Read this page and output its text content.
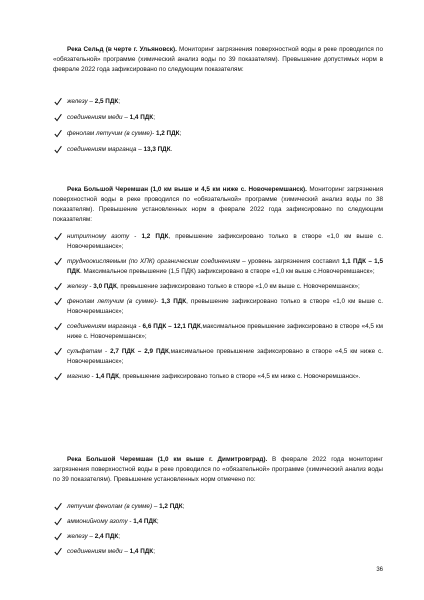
Река Сельд (в черте г. Ульяновск). Мониторинг загрязнения поверхностной воды в реке проводился по «обязательной» программе (химический анализ воды по 39 показателям). Превышение допустимых норм в феврале 2022 года зафиксировано по следующим показателям:

железу – 2,5 ПДК;
соединениям меди – 1,4 ПДК;
фенолам летучим (в сумме)- 1,2 ПДК;
соединениям марганца – 13,3 ПДК.

Река Большой Черемшан (1,0 км выше и 4,5 км ниже с. Новочеремшанск). Мониторинг загрязнения поверхностной воды в реке проводился по «обязательной» программе (химический анализ воды по 38 показателям). Превышение установленных норм в феврале 2022 года зафиксировано по следующим показателям:

нитритному азоту - 1,2 ПДК, превышение зафиксировано только в створе «1,0 км выше с. Новочеремшанск»;
трудноокисляемым (по ХПК) органическим соединениям – уровень загрязнения составил 1,1 ПДК – 1,5 ПДК. Максимальное превышение (1,5 ПДК) зафиксировано в створе «1,0 км выше с.Новочеремшанск»;
железу - 3,0 ПДК, превышение зафиксировано только в створе «1,0 км выше с. Новочеремшанск»;
фенолам летучим (в сумме)- 1,3 ПДК, превышение зафиксировано только в створе «1,0 км выше с. Новочеремшанск»;
соединениям марганца - 6,6 ПДК – 12,1 ПДК,максимальное превышение зафиксировано в створе «4,5 км ниже с. Новочеремшанск»;
сульфатам - 2,7 ПДК – 2,9 ПДК,максимальное превышение зафиксировано в створе «4,5 км ниже с. Новочеремшанск»;
магнию - 1,4 ПДК, превышение зафиксировано только в створе «4,5 км ниже с. Новочеремшанск».

Река Большой Черемшан (1,0 км выше г. Димитровград). В феврале 2022 года мониторинг загрязнения поверхностной воды в реке проводился по «обязательной» программе (химический анализ воды по 39 показателям). Превышение установленных норм отмечено по:

летучим фенолам (в сумме) – 1,2 ПДК;
аммонийному азоту - 1,4 ПДК;
железу – 2,4 ПДК;
соединениям меди – 1,4 ПДК;
36
